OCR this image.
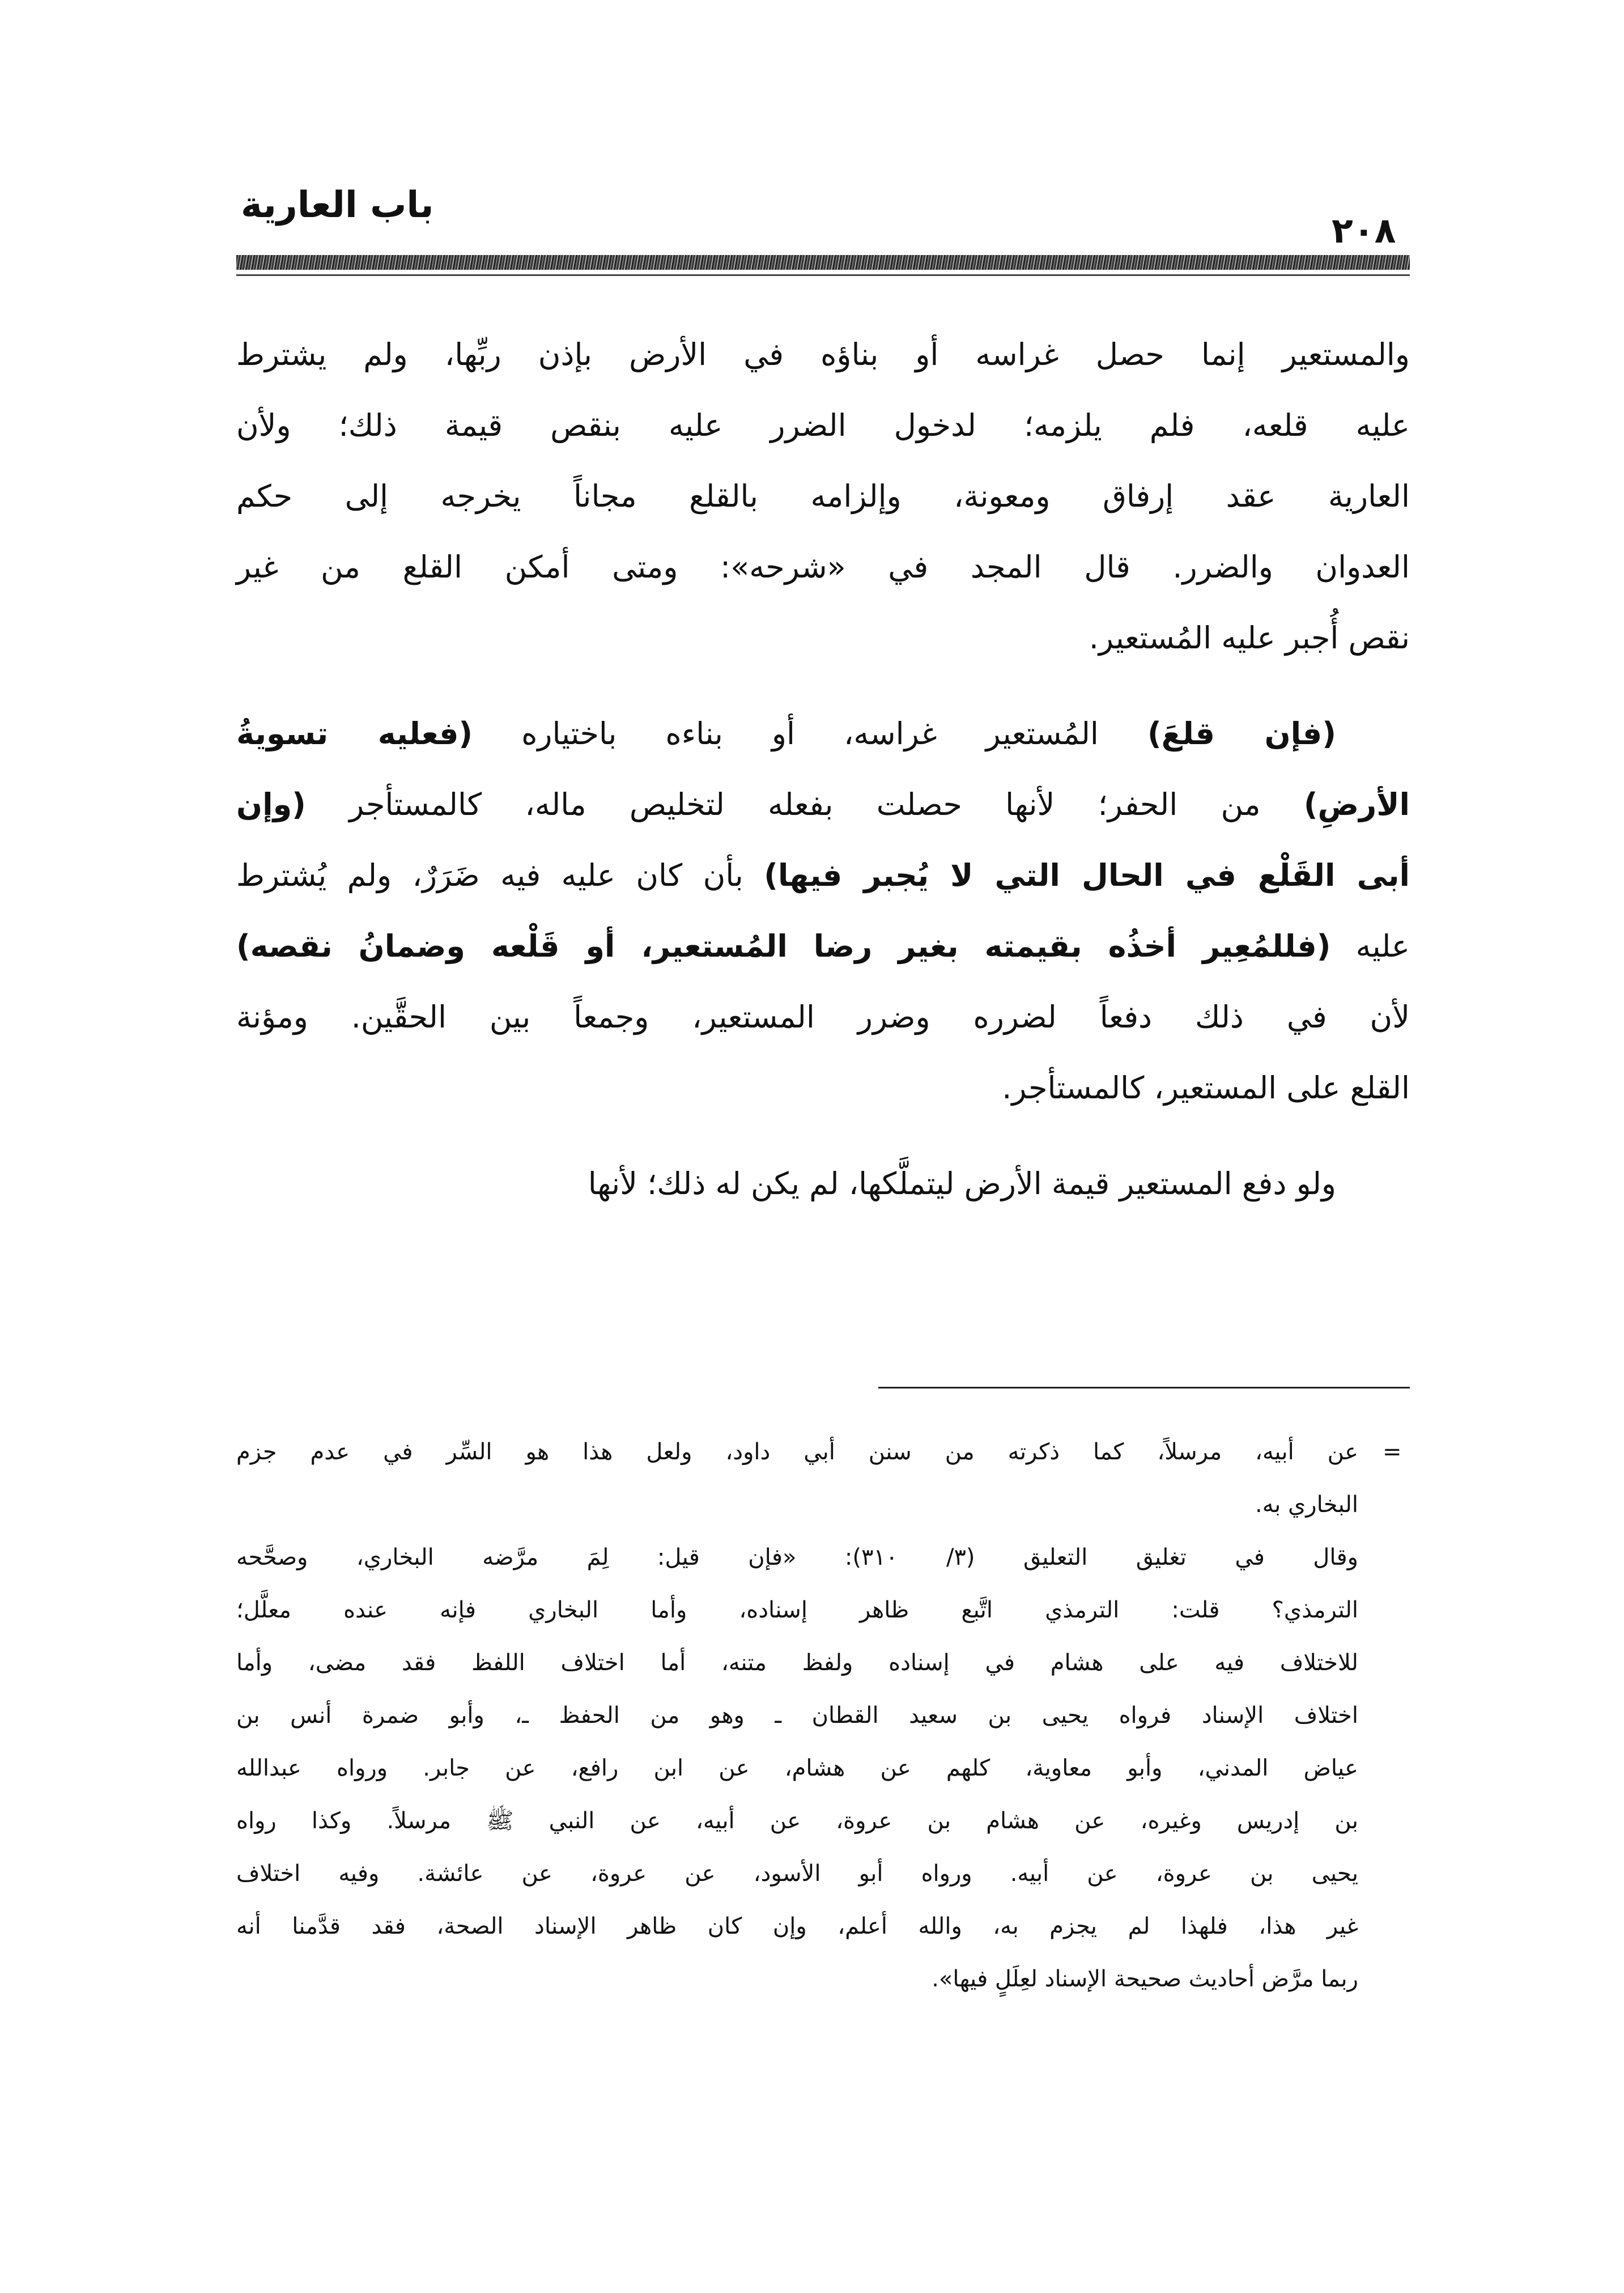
باب العارية
٢٠٨
والمستعير إنما حصل غراسه أو بناؤه في الأرض بإذن ربِّها، ولم يشترط
عليه قلعه، فلم يلزمه؛ لدخول الضرر عليه بنقص قيمة ذلك؛ ولأن
العارية عقد إرفاق ومعونة، وإلزامه بالقلع مجاناً يخرجه إلى حكم
العدوان والضرر. قال المجد في «شرحه»: ومتى أمكن القلع من غير
نقص أُجبر عليه المُستعير.
(فإن قلعَ) المُستعير غراسه، أو بناءه باختياره (فعليه تسويةُ
الأرضِ) من الحفر؛ لأنها حصلت بفعله لتخليص ماله، كالمستأجر (وإن
أبى القَلْع في الحال التي لا يُجبر فيها) بأن كان عليه فيه ضَرَرٌ، ولم يُشترط
عليه (فللمُعِير أخذُه بقيمته بغير رضا المُستعير، أو قَلْعه وضمانُ نقصه)
لأن في ذلك دفعاً لضرره وضرر المستعير، وجمعاً بين الحقَّين. ومؤنة
القلع على المستعير، كالمستأجر.
ولو دفع المستعير قيمة الأرض ليتملَّكها، لم يكن له ذلك؛ لأنها
=
عن أبيه، مرسلاً، كما ذكرته من سنن أبي داود، ولعل هذا هو السِّر في عدم جزم
البخاري به.
وقال في تغليق التعليق (٣/ ٣١٠): «فإن قيل: لِمَ مرَّضه البخاري، وصحَّحه
الترمذي؟ قلت: الترمذي اتَّبع ظاهر إسناده، وأما البخاري فإنه عنده معلَّل؛
للاختلاف فيه على هشام في إسناده ولفظ متنه، أما اختلاف اللفظ فقد مضى، وأما
اختلاف الإسناد فرواه يحيى بن سعيد القطان ـ وهو من الحفظ ـ، وأبو ضمرة أنس بن
عياض المدني، وأبو معاوية، كلهم عن هشام، عن ابن رافع، عن جابر. ورواه عبدالله
بن إدريس وغيره، عن هشام بن عروة، عن أبيه، عن النبي ﷺ مرسلاً. وكذا رواه
يحيى بن عروة، عن أبيه. ورواه أبو الأسود، عن عروة، عن عائشة. وفيه اختلاف
غير هذا، فلهذا لم يجزم به، والله أعلم، وإن كان ظاهر الإسناد الصحة، فقد قدَّمنا أنه
ربما مرَّض أحاديث صحيحة الإسناد لعِلَلٍ فيها».
